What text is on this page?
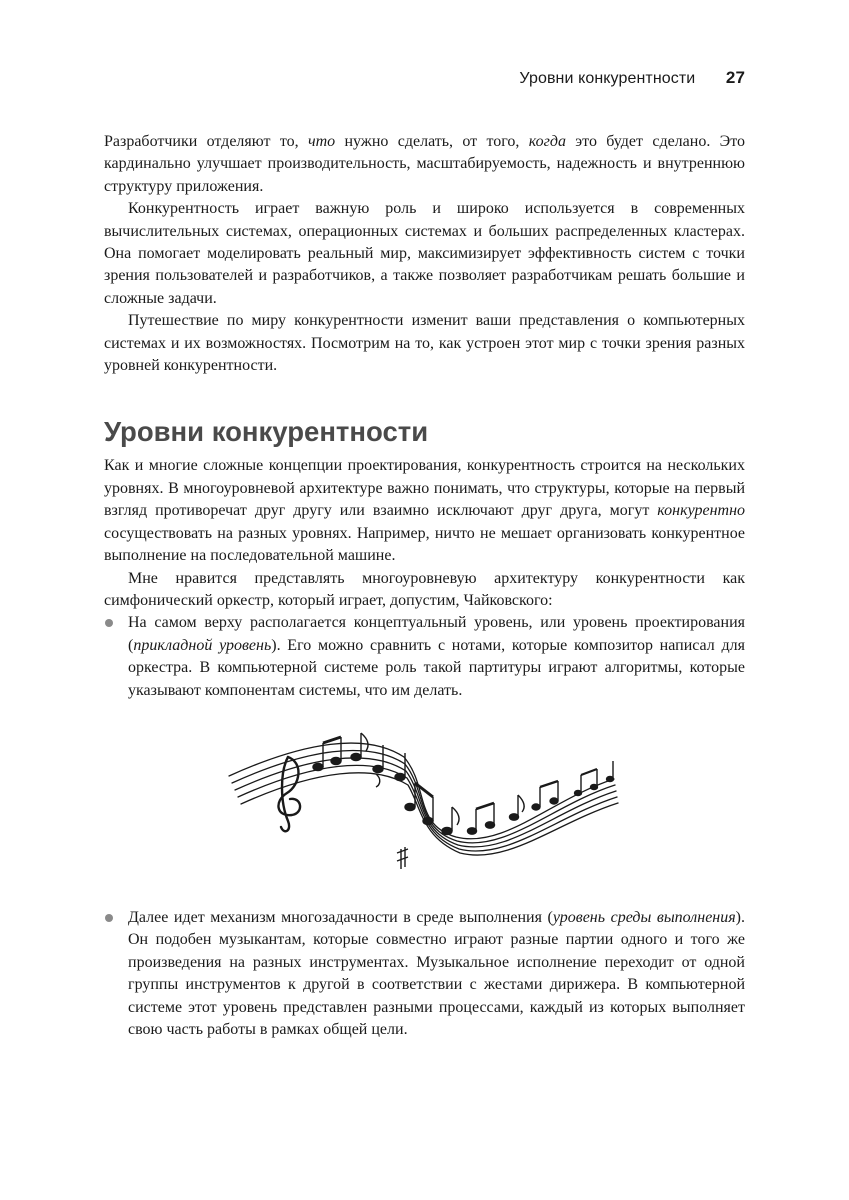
Уровни конкурентности 27

Разработчики отделяют то, что нужно сделать, от того, когда это будет сделано. Это кардинально улучшает производительность, масштабируемость, надежность и внутреннюю структуру приложения.

Конкурентность играет важную роль и широко используется в современных вычислительных системах, операционных системах и больших распределенных кластерах. Она помогает моделировать реальный мир, максимизирует эффективность систем с точки зрения пользователей и разработчиков, а также позволяет разработчикам решать большие и сложные задачи.

Путешествие по миру конкурентности изменит ваши представления о компьютерных системах и их возможностях. Посмотрим на то, как устроен этот мир с точки зрения разных уровней конкурентности.

Уровни конкурентности

Как и многие сложные концепции проектирования, конкурентность строится на нескольких уровнях. В многоуровневой архитектуре важно понимать, что структуры, которые на первый взгляд противоречат друг другу или взаимно исключают друг друга, могут конкурентно сосуществовать на разных уровнях. Например, ничто не мешает организовать конкурентное выполнение на последовательной машине.

Мне нравится представлять многоуровневую архитектуру конкурентности как симфонический оркестр, который играет, допустим, Чайковского:

На самом верху располагается концептуальный уровень, или уровень проектирования (прикладной уровень). Его можно сравнить с нотами, которые композитор написал для оркестра. В компьютерной системе роль такой партитуры играют алгоритмы, которые указывают компонентам системы, что им делать.

Далее идет механизм многозадачности в среде выполнения (уровень среды выполнения). Он подобен музыкантам, которые совместно играют разные партии одного и того же произведения на разных инструментах. Музыкальное исполнение переходит от одной группы инструментов к другой в соответствии с жестами дирижера. В компьютерной системе этот уровень представлен разными процессами, каждый из которых выполняет свою часть работы в рамках общей цели.
